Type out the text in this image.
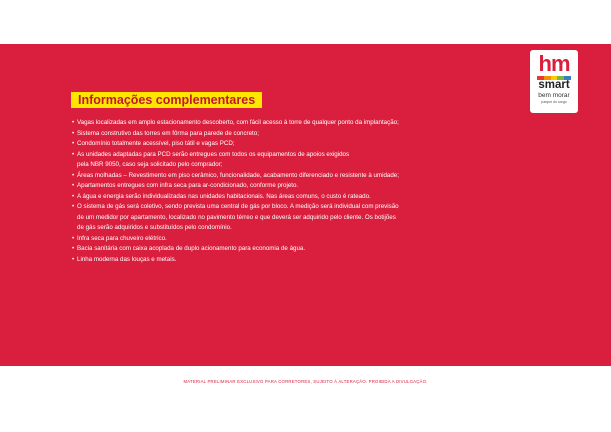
hm
smart
bem morar
parque do sorgo
Informações complementares
• Vagas localizadas em amplo estacionamento descoberto, com fácil acesso à torre de qualquer ponto da implantação;
• Sistema construtivo das torres em fôrma para parede de concreto;
• Condomínio totalmente acessível, piso tátil e vagas PCD;
• As unidades adaptadas para PCD serão entregues com todos os equipamentos de apoios exigidos
pela NBR 9050, caso seja solicitado pelo comprador;
• Áreas molhadas – Revestimento em piso cerâmico, funcionalidade, acabamento diferenciado e resistente à umidade;
• Apartamentos entregues com infra seca para ar-condicionado, conforme projeto.
• A água e energia serão individualizadas nas unidades habitacionais. Nas áreas comuns, o custo é rateado.
• O sistema de gás será coletivo, sendo prevista uma central de gás por bloco. A medição será individual com previsão
de um medidor por apartamento, localizado no pavimento térreo e que deverá ser adquirido pelo cliente. Os botijões
de gás serão adquiridos e substituídos pelo condomínio.
• Infra seca para chuveiro elétrico.
• Bacia sanitária com caixa acoplada de duplo acionamento para economia de água.
• Linha moderna das louças e metais.
MATERIAL PRELIMINAR EXCLUSIVO PARA CORRETORES, SUJEITO À ALTERAÇÃO. PROIBIDA A DIVULGAÇÃO.
